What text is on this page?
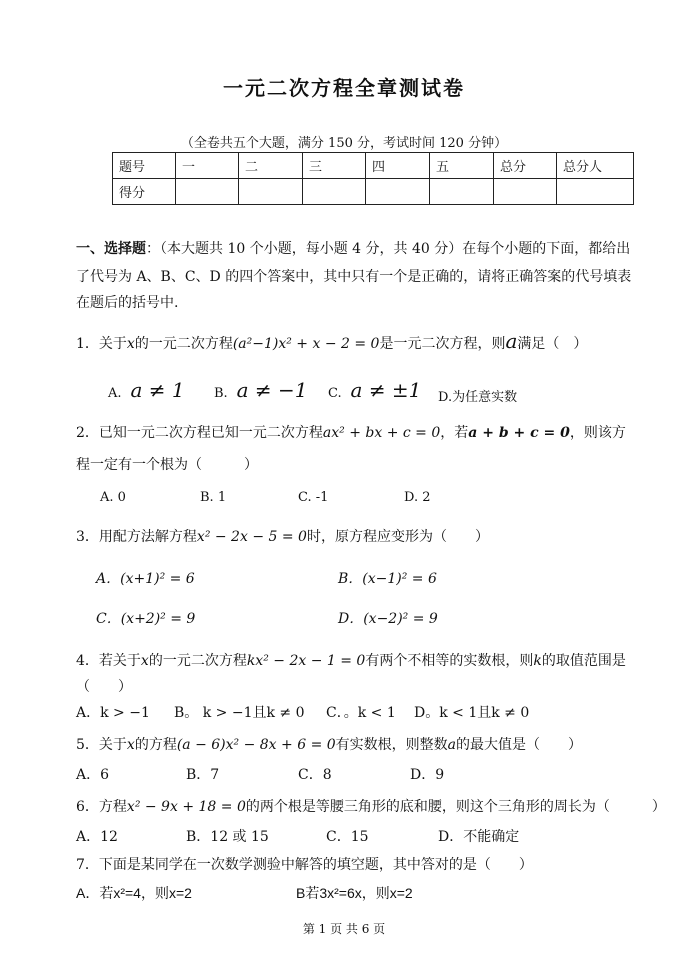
一元二次方程全章测试卷
（全卷共五个大题，满分 150 分，考试时间 120 分钟）
题号	一	二	三	四	五	总分	总分人
得分							
一、选择题：（本大题共 10 个小题，每小题 4 分，共 40 分）在每个小题的下面，都给出
了代号为 A、B、C、D 的四个答案中，其中只有一个是正确的，请将正确答案的代号填表
在题后的括号中.
1．关于x的一元二次方程(a²−1)x² + x − 2 = 0是一元二次方程，则a满足（　）
A. a ≠ 1 B. a ≠ −1 C. a ≠ ±1 D.为任意实数
2．已知一元二次方程已知一元二次方程ax² + bx + c = 0，若a + b + c = 0，则该方
程一定有一个根为（　　　）
A. 0	B. 1	C. -1	D. 2
3．用配方法解方程x² − 2x − 5 = 0时，原方程应变形为（　　）
A．(x+1)² = 6	B．(x−1)² = 6
C．(x+2)² = 9	D．(x−2)² = 9
4．若关于x的一元二次方程kx² − 2x − 1 = 0有两个不相等的实数根，则k的取值范围是
（　　）
A．k > −1 B。 k > −1且k ≠ 0 C．。k < 1 D。k < 1且k ≠ 0
5．关于x的方程(a − 6)x² − 8x + 6 = 0有实数根，则整数a的最大值是（　　）
A．6	B．7	C．8	D．9
6．方程x² − 9x + 18 = 0的两个根是等腰三角形的底和腰，则这个三角形的周长为（　　　）
A．12	B．12 或 15	C．15	D．不能确定
7．下面是某同学在一次数学测验中解答的填空题，其中答对的是（　　）
A．若x²=4，则x=2	B若3x²=6x，则x=2
第 1 页 共 6 页
